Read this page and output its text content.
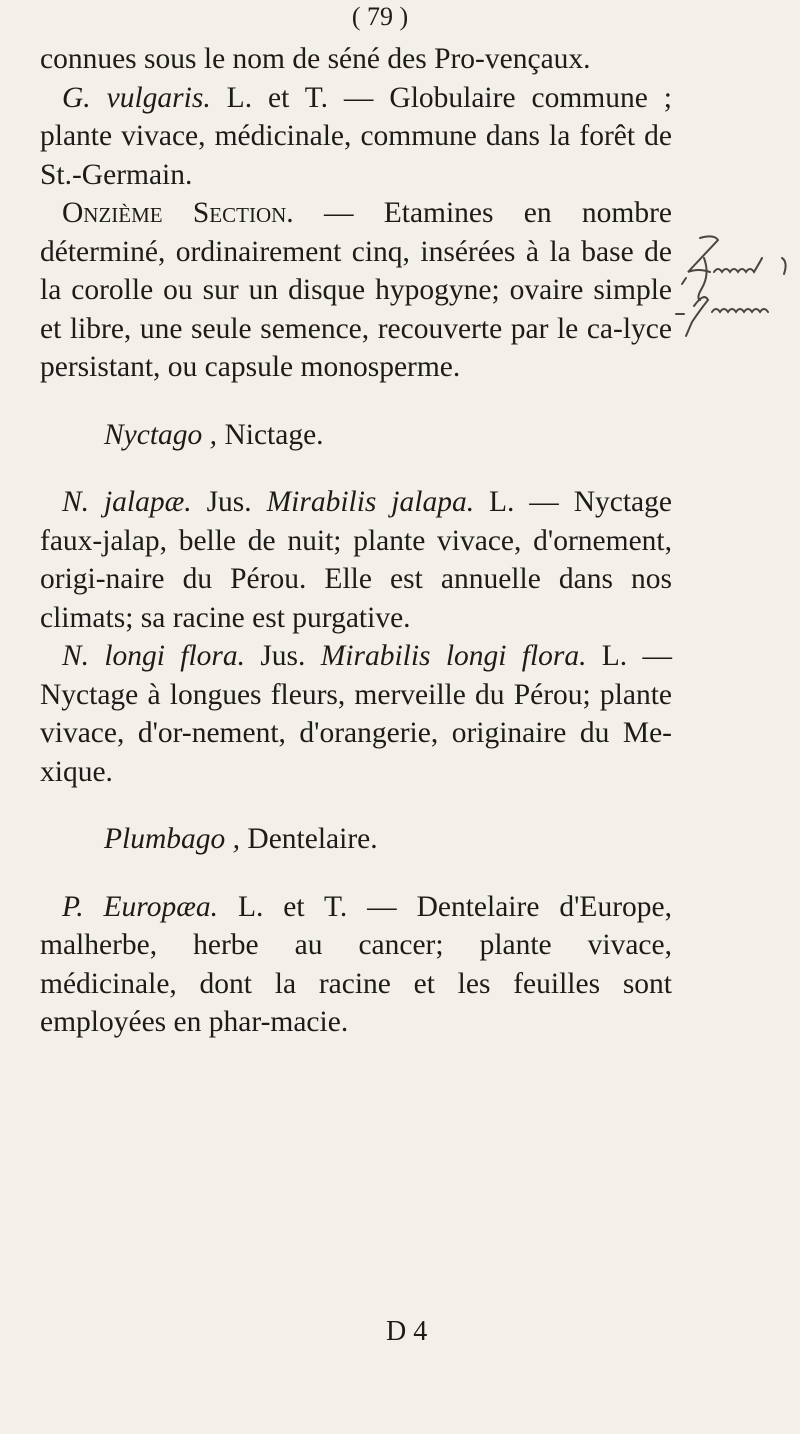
( 79 )

connues sous le nom de séné des Pro-vençaux.

G. vulgaris. L. et T. — Globulaire commune ; plante vivace, médicinale, commune dans la forêt de St.-Germain.

Onzième Section. — Etamines en nombre déterminé, ordinairement cinq, insérées à la base de la corolle ou sur un disque hypogyne; ovaire simple et libre, une seule semence, recouverte par le ca-lyce persistant, ou capsule monosperme.

Nyctago , Nictage.

N. jalapæ. Jus. Mirabilis jalapa. L. — Nyctage faux-jalap, belle de nuit; plante vivace, d'ornement, origi-naire du Pérou. Elle est annuelle dans nos climats; sa racine est purgative.

N. longi flora. Jus. Mirabilis longi flora. L. — Nyctage à longues fleurs, merveille du Pérou; plante vivace, d'or-nement, d'orangerie, originaire du Me-xique.

Plumbago , Dentelaire.

P. Europæa. L. et T. — Dentelaire d'Europe, malherbe, herbe au cancer; plante vivace, médicinale, dont la racine et les feuilles sont employées en phar-macie.

D 4
